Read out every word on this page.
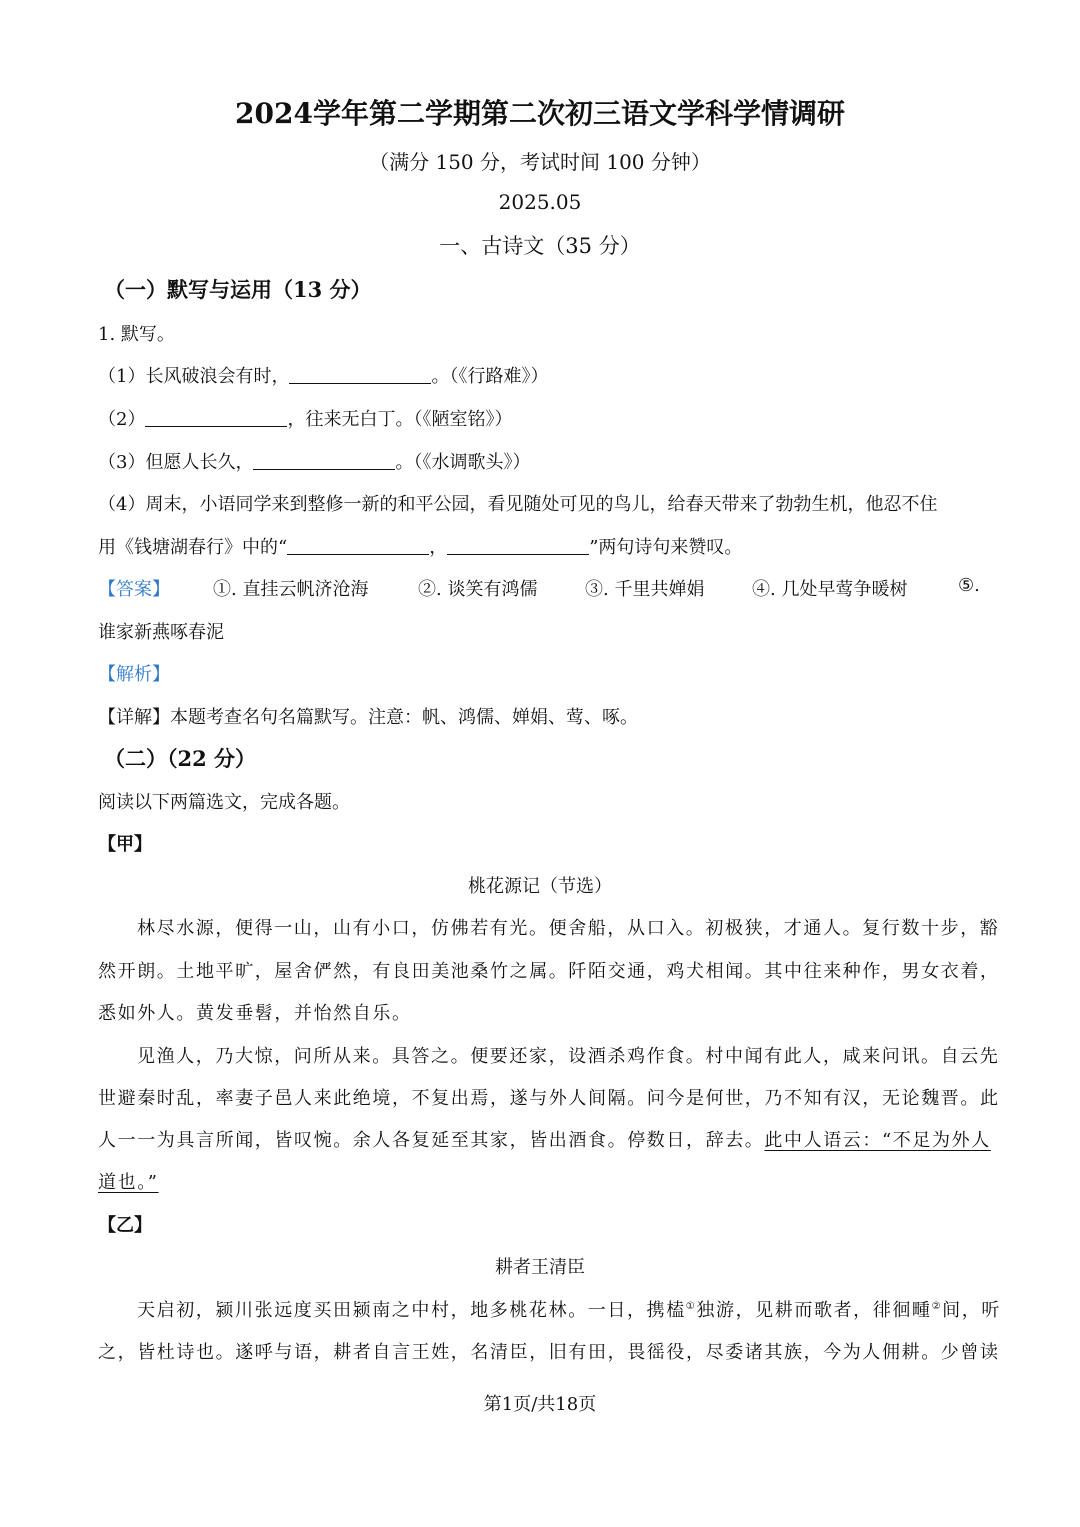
2024学年第二学期第二次初三语文学科学情调研
（满分 150 分，考试时间 100 分钟）
2025.05
一、古诗文（35 分）
（一）默写与运用（13 分）
1. 默写。
（1）长风破浪会有时，	。（《行路难》）
（2）	，往来无白丁。（《陋室铭》）
（3）但愿人长久，	。（《水调歌头》）
（4）周末，小语同学来到整修一新的和平公园，看见随处可见的鸟儿，给春天带来了勃勃生机，他忍不住
用《钱塘湖春行》中的“	，	”两句诗句来赞叹。
【答案】 ①. 直挂云帆济沧海	②. 谈笑有鸿儒	③. 千里共婵娟	④. 几处早莺争暖树	⑤.
谁家新燕啄春泥
【解析】
【详解】本题考查名句名篇默写。注意：帆、鸿儒、婵娟、莺、啄。
（二）（22 分）
阅读以下两篇选文，完成各题。
【甲】
桃花源记（节选）
林尽水源，便得一山，山有小口，仿佛若有光。便舍船，从口入。初极狭，才通人。复行数十步，豁
然开朗。土地平旷，屋舍俨然，有良田美池桑竹之属。阡陌交通，鸡犬相闻。其中往来种作，男女衣着，
悉如外人。黄发垂髫，并怡然自乐。
见渔人，乃大惊，问所从来。具答之。便要还家，设酒杀鸡作食。村中闻有此人，咸来问讯。自云先
世避秦时乱，率妻子邑人来此绝境，不复出焉，遂与外人间隔。问今是何世，乃不知有汉，无论魏晋。此
人一一为具言所闻，皆叹惋。余人各复延至其家，皆出酒食。停数日，辞去。此中人语云：“不足为外人
道也。”
【乙】
耕者王清臣
天启初，颍川张远度买田颍南之中村，地多桃花林。一日，携榼①独游，见耕而歌者，徘徊畽②间，听
之，皆杜诗也。遂呼与语，耕者自言王姓，名清臣，旧有田，畏徭役，尽委诸其族，今为人佣耕。少曾读
第1页/共18页
